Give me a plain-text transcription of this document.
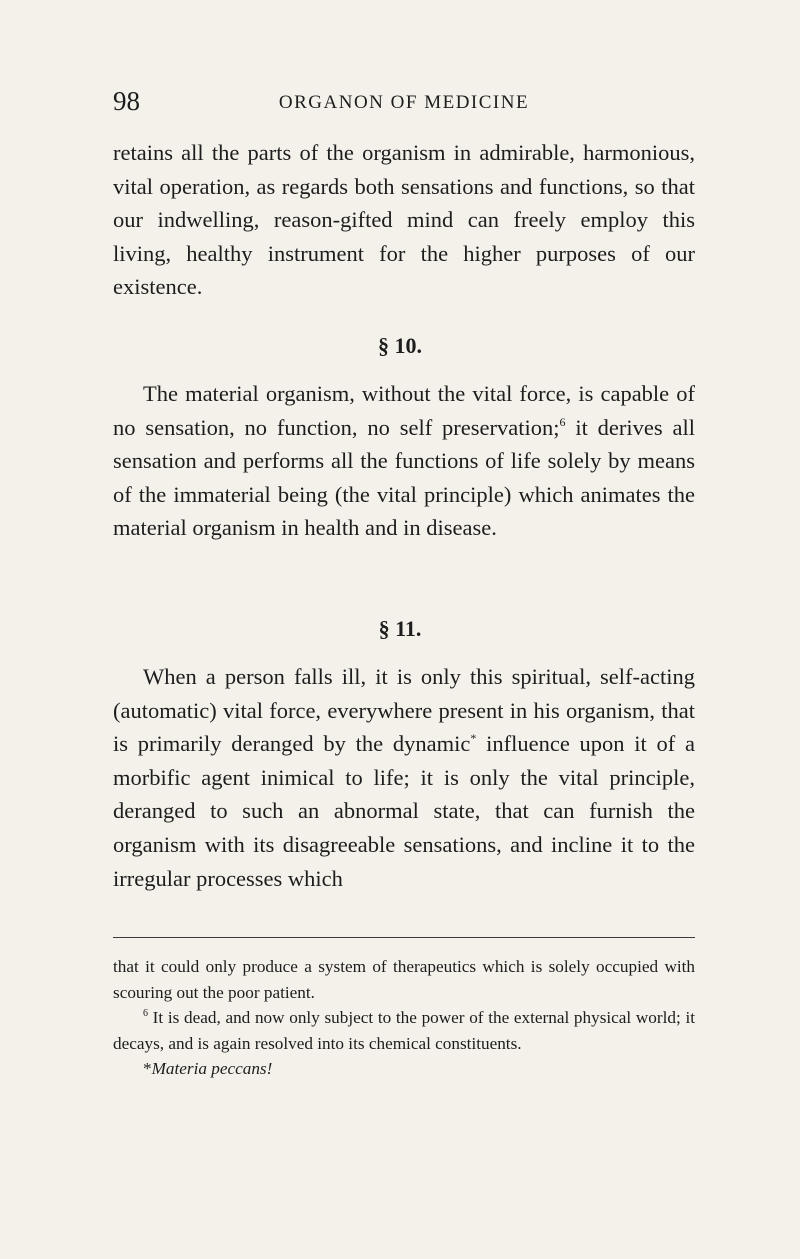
98	ORGANON OF MEDICINE

retains all the parts of the organism in admirable, harmonious, vital operation, as regards both sensations and functions, so that our indwelling, reason-gifted mind can freely employ this living, healthy instrument for the higher purposes of our existence.

§ 10.

The material organism, without the vital force, is capable of no sensation, no function, no self preservation;$^6$ it derives all sensation and performs all the functions of life solely by means of the immaterial being (the vital principle) which animates the material organism in health and in disease.

§ 11.

When a person falls ill, it is only this spiritual, self-acting (automatic) vital force, everywhere present in his organism, that is primarily deranged by the dynamic* influence upon it of a morbific agent inimical to life; it is only the vital principle, deranged to such an abnormal state, that can furnish the organism with its disagreeable sensations, and incline it to the irregular processes which

that it could only produce a system of therapeutics which is solely occupied with scouring out the poor patient.

$^6$ It is dead, and now only subject to the power of the external physical world; it decays, and is again resolved into its chemical constituents.

*Materia peccans!
